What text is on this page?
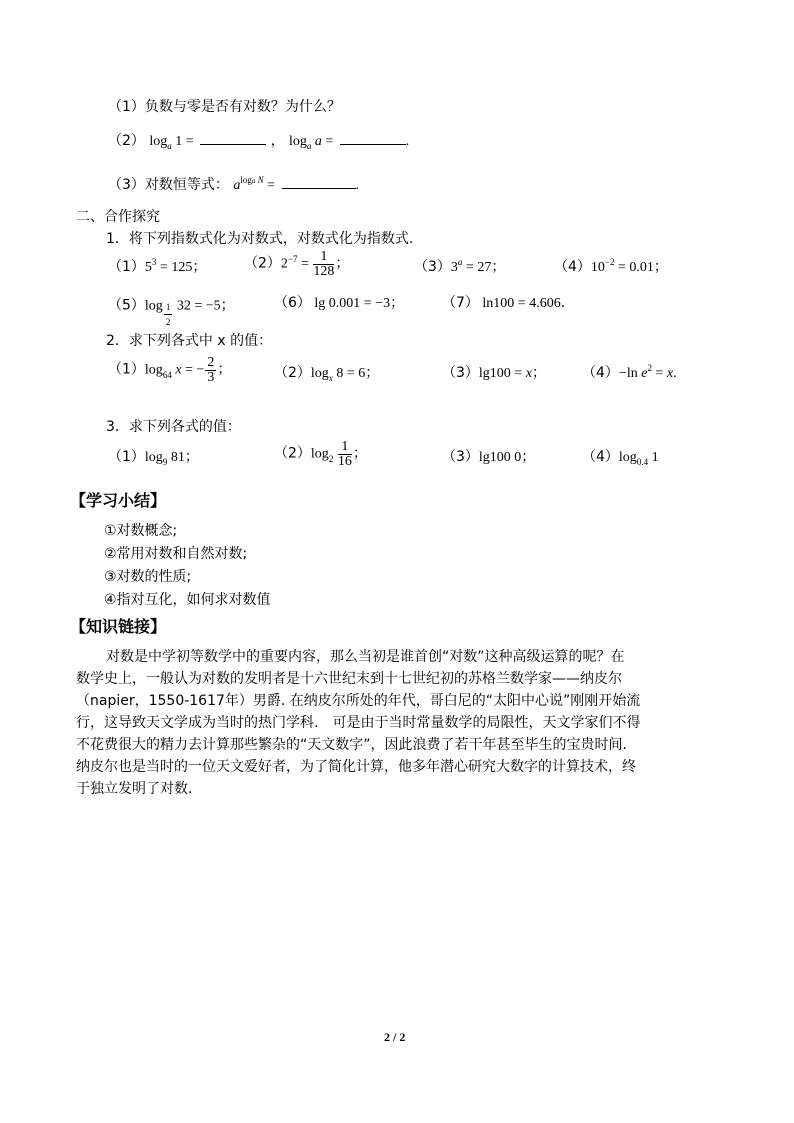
（1）负数与零是否有对数？为什么？
（2） $\log_a 1$ =	， $\log_a a$ =	.
（3）对数恒等式： $a^{loga N}$ =	.
二、合作探究
1．将下列指数式化为对数式，对数式化为指数式.
$(1)5^3 = 125$；	$(2)2^{-7} = \frac{1}{128}$ ；	$(3)3^a = 27$；	$(4)10^{-2} = 0.01$；
$(5)\log \frac{1}{2} 32 = -5$；	（6） lg 0.001 = −3；	（7） ln100 = 4.606．
2．求下列各式中 x 的值：
$(1)\log_{64}$ x = − $\frac{2}{3}$ ；	$(2)\log_x$ 8 = 6；	（3）lg100 = x；	（4）−ln $e^2 = x$.
3．求下列各式的值：
$(1)\log_9$ 81；	$(2)\log_2 \frac{1}{16}$ ；	（3）lg100 0；	$(4)\log_{0.4}$ 1
【学习小结】
①对数概念;
②常用对数和自然对数;
③对数的性质;
④指对互化，如何求对数值
【知识链接】
对数是中学初等数学中的重要内容，那么当初是谁首创“对数”这种高级运算的呢？在
数学史上，一般认为对数的发明者是十六世纪末到十七世纪初的苏格兰数学家——纳皮尔
（napier，1550-1617年）男爵. 在纳皮尔所处的年代，哥白尼的“太阳中心说”刚刚开始流
行，这导致天文学成为当时的热门学科.　可是由于当时常量数学的局限性，天文学家们不得
不花费很大的精力去计算那些繁杂的“天文数字”，因此浪费了若干年甚至毕生的宝贵时间.
纳皮尔也是当时的一位天文爱好者，为了简化计算，他多年潜心研究大数字的计算技术，终
于独立发明了对数.
2 / 2
